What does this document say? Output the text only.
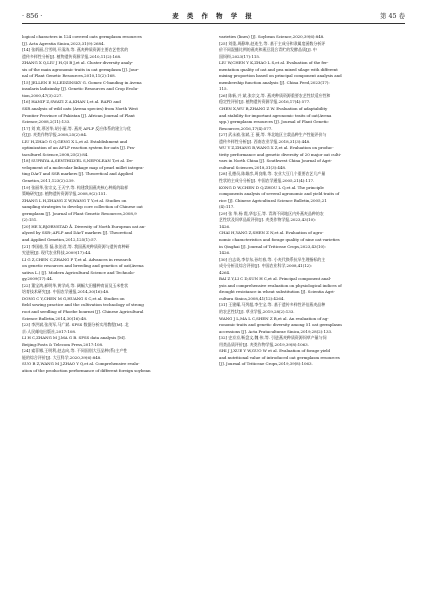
· 856 ·	麦 类 作 物 学 报	第 45 卷
logical characters in 124 covered oats germplasm resources
[J]. Acta Agrestia Sinica,2023,31(9):2684.
[14] 张炳丽,吕雪明,开清涛,等. 燕麦种质资源主要农艺性状的
遗传多样性分析[J]. 植物遗传资源学报,2010,11(2):168.
ZHANG X Q,LIU J H,QI B J,et al. Cluster diversity analy-
sis of the main agronomic traits in oat germplasm [J]. Jour-
nal of Plant Genetic Resources,2010,11(2):168.
[15] JELLEN E N,LEDZINSKY G. Gomez C-banding in Avena
insularis ladizinsky [J]. Genetic Resources and Crop Evolu-
tion,2000,47(3):227.
[16] HANIF Z,SWATI Z A,KHAN I,et al. RAPD and
SSR analysis of wild oats (Avena species) from North West
Frontier Province of Pakistan [J]. African Journal of Plant
Science,2008,2(11):133.
[17] 刘 欢,慕芳华,胡小丽,等. 燕麦 AFLP 反应体系的建立与优
化[J]. 麦类作物学报,2008,25(2):84.
LIU H,ZHAO G Q,GENG X L,et al. Establishment and
optimization of an AFLP reaction system for oats [J]. Pra-
taculturel Science,2008,25(2):84.
[18] SUPRIYA A,SENTHILVEL S,NEPOLEAN T,et al. De-
velopment of a molecular linkage map of pearl millet integra-
ting DArT and SSR markers [J]. Theoretical and Applied
Genetics,2011,123(2):239.
[19] 张丽华,张宗文,王天宇,等. 构建我国燕麦核心种质的取样
策略研究[J]. 植物遗传资源学报,2008,9(2):151.
ZHANG L H,ZHANG Z W,WANG T Y,et al. Studies on
sampling strategies to develop core collection of Chinese oat
germplasm [J]. Journal of Plant Genetic Resources,2008,9
(2):151.
[20] HE X,BJØRNSTAD Å. Diversity of North European oat an-
alyzed by SSR-,AFLP and DArT markers [J]. Theoretical
and Applied Genetics,2012,125(1):57.
[21] 李国桂,蔡 磊,张治君,等. 我国燕麦种质资源与遗传育种研
究进展[J]. 现代农业科技,2009(17):44.
LI G Z,CHEN C,ZHANG P T,et al. Advances in research
on genetic resources and breeding and genetics of oat(Avena
sativa L.) [J]. Modern Agricultural Science and Technolo-
gy,2009(17):44.
[22] 董宝鸿,郝明华,黄学成,等. 阔幅大田播种育苗及玉米性状
培育技术研究[J]. 中国农学通报,2014,30(16):48.
DONG C Y,CHEN M G,HUANG S C,et al. Studies on
field sowing practice and the cultivation technology of strong
root and seedling of Phoebe bournei [J]. Chinese Agricultural
Science Bulletin,2014,30(16):48.
[23] 李洪斌,张茂军,马广斌. SPSS 数据分析实用教程[M]. 北
京:人民邮电出版社,2017:108.
LI H C,ZHANG M J,MA G B. SPSS data analysis [M].
Beijing:Posts & Telecom Press,2017:108.
[24] 索菲娜,王明利,赵志向,等. 不同国别大豆品种(系)主产性
能的综合评价[J]. 大豆科学,2020,39(6):848.
SUO B Z,WANG M J,ZHAO Y Q,et al. Comprehensive evalu-
ation of the production performance of different foreign soybean
varieties (lines) [J]. Soybean Science,2020,39(6):848.
[25] 刘重,周静坤,赵连生,等. 基于主成分和隶属度函数分析评
价不同混播比例的燕麦和燕豆混合青贮的发酵品质[J]. 中
国饲料,2023(17):115.
LIU W,CHEN Y K,ZHAO L S,et al. Evaluation of the fer-
mentation quality of oat and pea mixed silage with different
mixing proportion based on principal component analysis and
membership function analysis [J]. China Feed,2023(17):
115.
[26] 陈新,兴 斌,张宗文,等. 燕麦种质资源重要农艺性状适应性和
稳定性评价[J]. 植物遗传资源学报,2016,17(4):577.
CHEN X,WU B,ZHANG Z W. Evaluation of adaptability
and stability for important agronomic traits of oat(Avena
spp.) germplasm resources [J]. Journal of Plant Genetic
Resources,2016,17(4):577.
[27] 武永祯,张斌,王 薇,等. 华北地区主栽品种生产性能评价与
遗传多样性分析[J]. 西南农业学报,2018,31(3):448.
WU Y Z,ZHANG B,WANG X Z,et al. Evaluation on produc-
tivity performance and genetic diversity of 20 major oat culti-
vars in North China [J]. Southwest China Journal of Agri-
cultural Sciences,2018,31(3):448.
[28] 孔德员,陈雄彦,周良维,等. 农业大豆几个重要农艺几产量
性状的主成分分析[J]. 中国农学通报,2005,21(4):117.
KONG D W,CHEN D Q,ZHOU L Q,et al. The principle
components analysis of several agronomic and yield traits of
rice [J]. Chinese Agricultural Science Bulletin,2005,21
(4):117.
[29] 张 华,杨 霞,华忠玉,等. 青海不同地区内外燕麦品种的农
艺性状及饲草品质评价[J]. 麦类作物学报,2023,43(10):
1426.
CHAI H,YANG Z,SHEN Z N,et al. Evaluation of agro-
nomic characteristics and forage quality of nine oat varieties
in Qinghai [J]. Journal of Triticeae Crops,2023,43(10):
1426.
[30] 白志英,李存东,孙红春,等. 小麦代换系抗旱生理指标的主
成分分析及综合评价[J]. 中国农业科学,2008,41(12):
4264.
BAI Z Y,LI C D,SUN H C,et al. Principal component anal-
ysis and comprehensive evaluation on physiological indices of
drought resistance in wheat substitution [J]. Scientia Agri-
cultura Sinica,2008,41(12):4264.
[31] 王建耀,马列超,李生宝,等. 基于遗传多样性评估燕麦品种
的农艺性状[J]. 草业学报,2019,28(2):133.
WANG J L,MA L C,SHEN Z B,et al. An evaluation of ag-
ronomic traits and genetic diversity among 51 oat germplasm
accessions [J]. Acta Prataculturae Sinica,2019,28(2):133.
[32] 史京京,靳盘文,魏 伟,等. 引进燕麦种质资源饲草产量与饲
用类品质评价[J]. 麦类作物学报,2019,39(8):1063.
SHI J J,XUE Y W,GUO W et al. Evaluation of forage yield
and nutritional value of introduced oat germplasm resources
[J]. Journal of Triticeae Crops,2019,39(8):1063.
